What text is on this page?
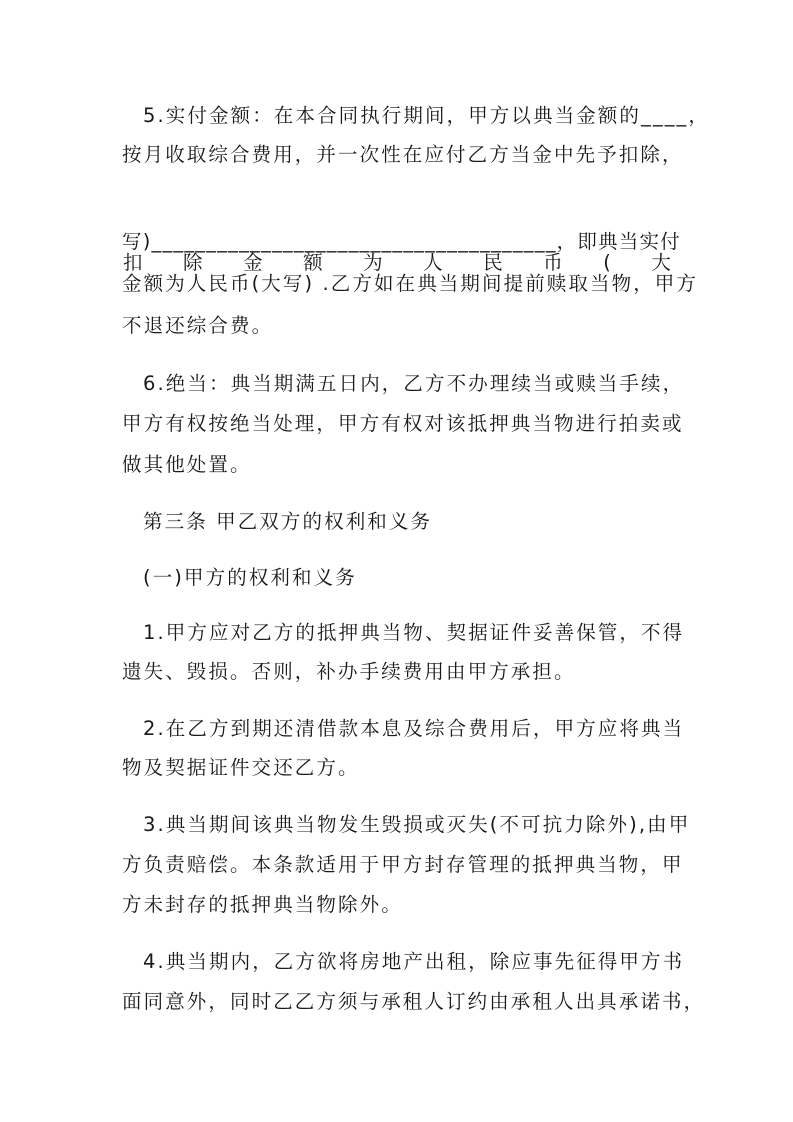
5.实付金额：在本合同执行期间，甲方以典当金额的____，

按月收取综合费用，并一次性在应付乙方当金中先予扣除，

扣 除 金 额 为 人 民 币 ( 大

写)_____________________________________，即典当实付

金额为人民币(大写) .乙方如在典当期间提前赎取当物，甲方

不退还综合费。

6.绝当：典当期满五日内，乙方不办理续当或赎当手续，

甲方有权按绝当处理，甲方有权对该抵押典当物进行拍卖或

做其他处置。

第三条 甲乙双方的权利和义务

(一)甲方的权利和义务

1.甲方应对乙方的抵押典当物、契据证件妥善保管，不得

遗失、毁损。否则，补办手续费用由甲方承担。

2.在乙方到期还清借款本息及综合费用后，甲方应将典当

物及契据证件交还乙方。

3.典当期间该典当物发生毁损或灭失(不可抗力除外),由甲

方负责赔偿。本条款适用于甲方封存管理的抵押典当物，甲

方未封存的抵押典当物除外。

4.典当期内，乙方欲将房地产出租，除应事先征得甲方书

面同意外，同时乙乙方须与承租人订约由承租人出具承诺书，
